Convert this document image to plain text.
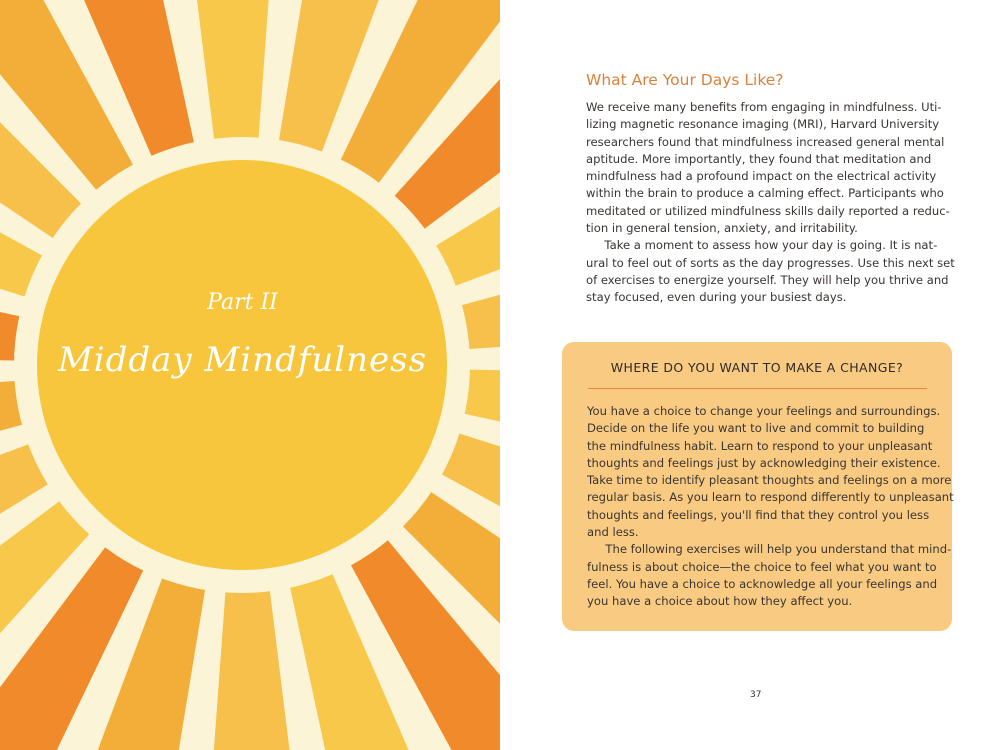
Part II
Midday Mindfulness
What Are Your Days Like?
We receive many benefits from engaging in mindfulness. Uti-
lizing magnetic resonance imaging (MRI), Harvard University
researchers found that mindfulness increased general mental
aptitude. More importantly, they found that meditation and
mindfulness had a profound impact on the electrical activity
within the brain to produce a calming effect. Participants who
meditated or utilized mindfulness skills daily reported a reduc-
tion in general tension, anxiety, and irritability.
Take a moment to assess how your day is going. It is nat-
ural to feel out of sorts as the day progresses. Use this next set
of exercises to energize yourself. They will help you thrive and
stay focused, even during your busiest days.
WHERE DO YOU WANT TO MAKE A CHANGE?
You have a choice to change your feelings and surroundings.
Decide on the life you want to live and commit to building
the mindfulness habit. Learn to respond to your unpleasant
thoughts and feelings just by acknowledging their existence.
Take time to identify pleasant thoughts and feelings on a more
regular basis. As you learn to respond differently to unpleasant
thoughts and feelings, you'll find that they control you less
and less.
The following exercises will help you understand that mind-
fulness is about choice—the choice to feel what you want to
feel. You have a choice to acknowledge all your feelings and
you have a choice about how they affect you.
37
